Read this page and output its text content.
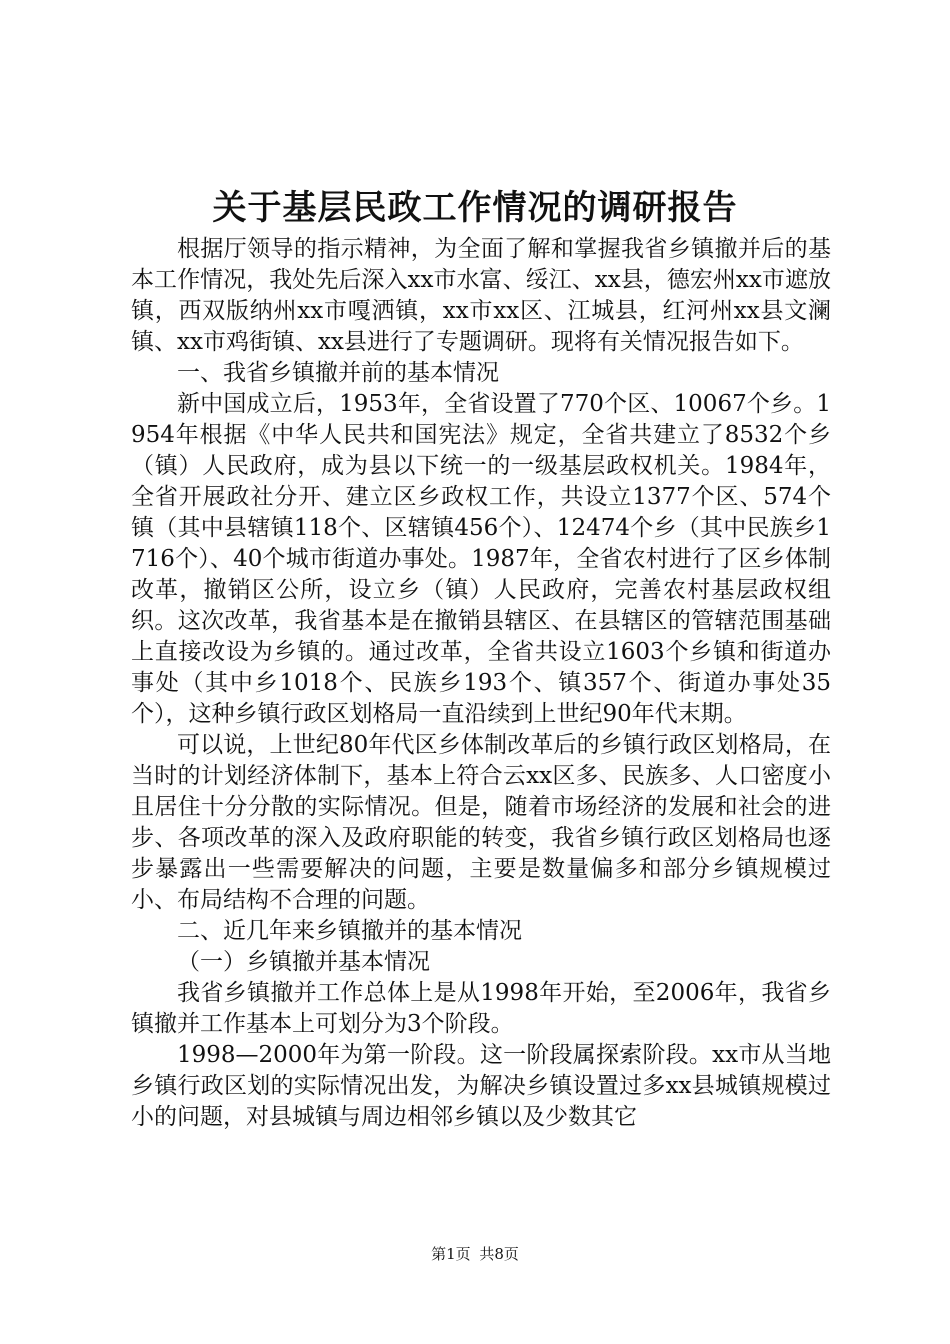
关于基层民政工作情况的调研报告

根据厅领导的指示精神，为全面了解和掌握我省乡镇撤并后的基本工作情况，我处先后深入xx市水富、绥江、xx县，德宏州xx市遮放镇，西双版纳州xx市嘎洒镇，xx市xx区、江城县，红河州xx县文澜镇、xx市鸡街镇、xx县进行了专题调研。现将有关情况报告如下。

一、我省乡镇撤并前的基本情况

新中国成立后，1953年，全省设置了770个区、10067个乡。1954年根据《中华人民共和国宪法》规定，全省共建立了8532个乡（镇）人民政府，成为县以下统一的一级基层政权机关。1984年，全省开展政社分开、建立区乡政权工作，共设立1377个区、574个镇（其中县辖镇118个、区辖镇456个）、12474个乡（其中民族乡1716个）、40个城市街道办事处。1987年，全省农村进行了区乡体制改革，撤销区公所，设立乡（镇）人民政府，完善农村基层政权组织。这次改革，我省基本是在撤销县辖区、在县辖区的管辖范围基础上直接改设为乡镇的。通过改革，全省共设立1603个乡镇和街道办事处（其中乡1018个、民族乡193个、镇357个、街道办事处35个），这种乡镇行政区划格局一直沿续到上世纪90年代末期。

可以说，上世纪80年代区乡体制改革后的乡镇行政区划格局，在当时的计划经济体制下，基本上符合云xx区多、民族多、人口密度小且居住十分分散的实际情况。但是，随着市场经济的发展和社会的进步、各项改革的深入及政府职能的转变，我省乡镇行政区划格局也逐步暴露出一些需要解决的问题，主要是数量偏多和部分乡镇规模过小、布局结构不合理的问题。

二、近几年来乡镇撤并的基本情况

（一）乡镇撤并基本情况

我省乡镇撤并工作总体上是从1998年开始，至2006年，我省乡镇撤并工作基本上可划分为3个阶段。

1998—2000年为第一阶段。这一阶段属探索阶段。xx市从当地乡镇行政区划的实际情况出发，为解决乡镇设置过多xx县城镇规模过小的问题，对县城镇与周边相邻乡镇以及少数其它

第1页 共8页
